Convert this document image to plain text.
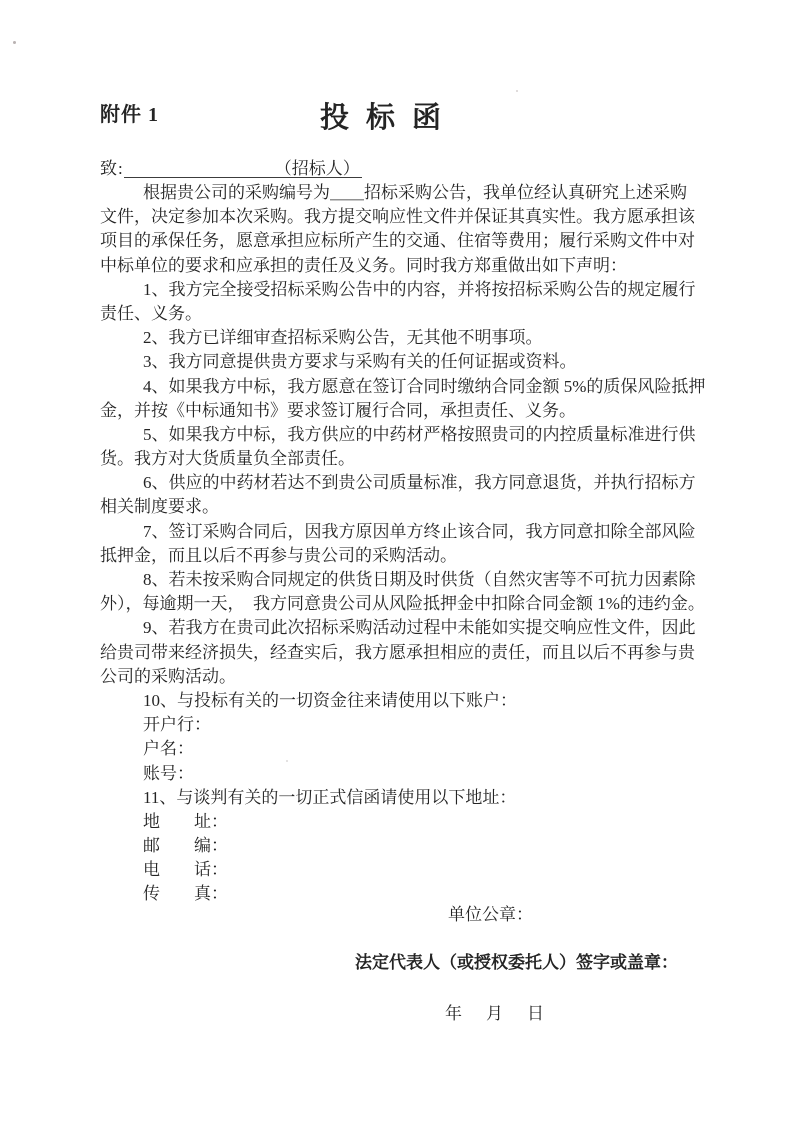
附件 1	投标函
致:	（招标人）
根据贵公司的采购编号为＿＿招标采购公告，我单位经认真研究上述采购
文件，决定参加本次采购。我方提交响应性文件并保证其真实性。我方愿承担该
项目的承保任务，愿意承担应标所产生的交通、住宿等费用；履行采购文件中对
中标单位的要求和应承担的责任及义务。同时我方郑重做出如下声明：
1、我方完全接受招标采购公告中的内容，并将按招标采购公告的规定履行
责任、义务。
2、我方已详细审查招标采购公告，无其他不明事项。
3、我方同意提供贵方要求与采购有关的任何证据或资料。
4、如果我方中标，我方愿意在签订合同时缴纳合同金额 5%的质保风险抵押
金，并按《中标通知书》要求签订履行合同，承担责任、义务。
5、如果我方中标，我方供应的中药材严格按照贵司的内控质量标准进行供
货。我方对大货质量负全部责任。
6、供应的中药材若达不到贵公司质量标准，我方同意退货，并执行招标方
相关制度要求。
7、签订采购合同后，因我方原因单方终止该合同，我方同意扣除全部风险
抵押金，而且以后不再参与贵公司的采购活动。
8、若未按采购合同规定的供货日期及时供货（自然灾害等不可抗力因素除
外），每逾期一天，　我方同意贵公司从风险抵押金中扣除合同金额 1%的违约金。
9、若我方在贵司此次招标采购活动过程中未能如实提交响应性文件，因此
给贵司带来经济损失，经查实后，我方愿承担相应的责任，而且以后不再参与贵
公司的采购活动。
10、与投标有关的一切资金往来请使用以下账户：
开户行：
户名：
账号：
11、与谈判有关的一切正式信函请使用以下地址：
地　　址：
邮　　编：
电　　话：
传　　真：
单位公章：
法定代表人（或授权委托人）签字或盖章：
年月日
